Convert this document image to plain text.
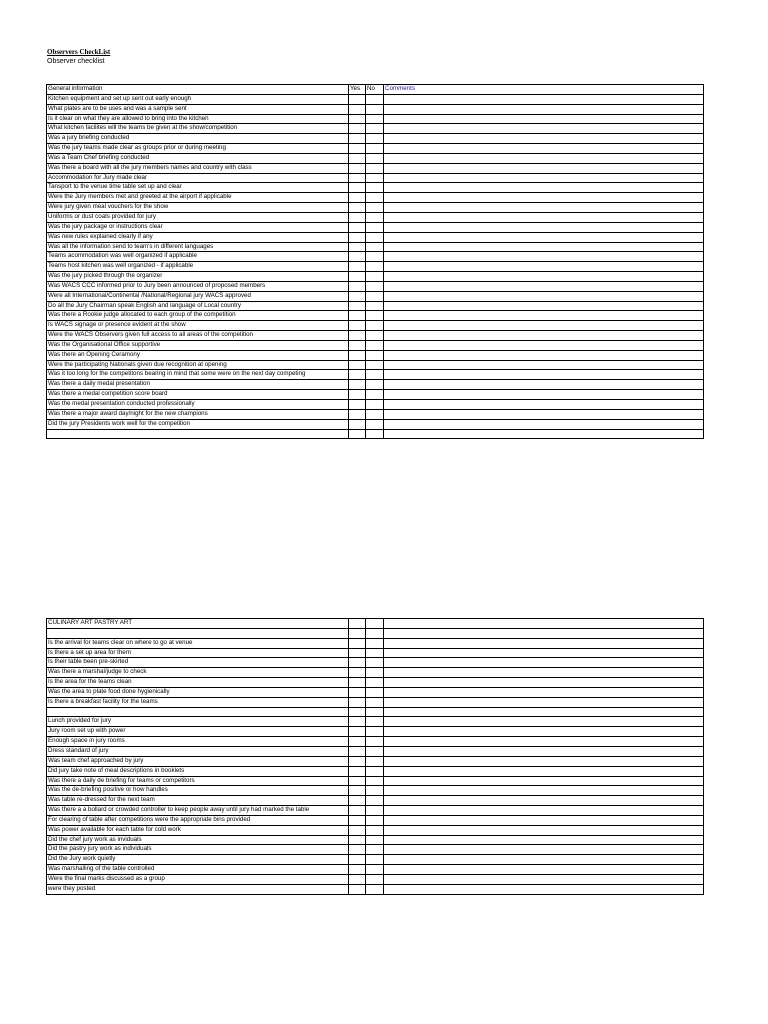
Observers CheckList
Observer checklist
General information	Yes	No	Comments
Kitchen equipment and set up sent out early enough			
What plates are to be uses and was a sample sent			
Is it clear on what they are allowed to bring into the kitchen			
What kitchen facilites will the teams be given at the show/competition			
Was a jury briefing conducted			
Was the jury teams made clear as groups prior or during meeting			
Was a Team Chef briefing conducted			
Was there a board with all the jury members names and country with class			
Accommodation for Jury made clear			
Tansport to the venue time table set up and clear			
Were the Jury members met and greeted at the airport if applicable			
Were jury given meal vouchers for the show			
Uniforms or dust coats provided for jury			
Was the jury package or instructions clear			
Was new rules explained clearly if any			
Was all the information send to team's in different languages			
Teams acommodation was well organized if applicable			
Teams host kitchen was well organized - if applicable			
Was the jury picked through the organizer			
Was WACS CCC informed prior to Jury been announced of proposed members			
Were all International/Continental /National/Regional jury WACS approved			
Do all the Jury Chairman speak English and language of Local country			
Was there a Rookie judge allocated to each group of the competition			
Is WACS signage or presence evident at the show			
Were the WACS Observers given full access to all areas of the competition			
Was the Organisational Office supportive			
Was there an Opening Ceramony			
Were the participating Nationals given due recognition at opening			
Was it too long for the competitons bearing in mind that some were on the next day competing			
Was there a daily medal presentation			
Was there a medal competition score board			
Was the medal presentation conducted professionally			
Was there a major award day/night for the new champions			
Did the jury Presidents work well for the competition			

CULINARY ART PASTRY ART			

Is the arrival for teams clear on where to go at venue			
Is there a set up area for them			
Is their table been pre-skirted			
Was there a marshal/judge to check			
Is the area for the teams clean			
Was the area to plate food done hygienically			
Is there a breakfast facility for the teams			

Lunch provided for jury			
Jury room set up with power			
Enough space in jury rooms			
Dress standard of jury			
Was team chef approached by jury			
Did jury take note of meal descriptions in booklets			
Was there a daily de briefing for teams or competitors			
Was the de-briefing positive or how handles			
Was table re-dressed for the next team			
Was there a a bollard or crowded controller to keep people away until jury had marked the table			
For clearing of table after competitions were the appropriate bins provided			
Was power available for each table for cold work			
Did the chef jury work as inviduals			
Did the pastry jury work as individuals			
Did the Jury work quietly			
Was marshalling of the table controlled			
Were the final marks discussed as a group			
were they posted			
